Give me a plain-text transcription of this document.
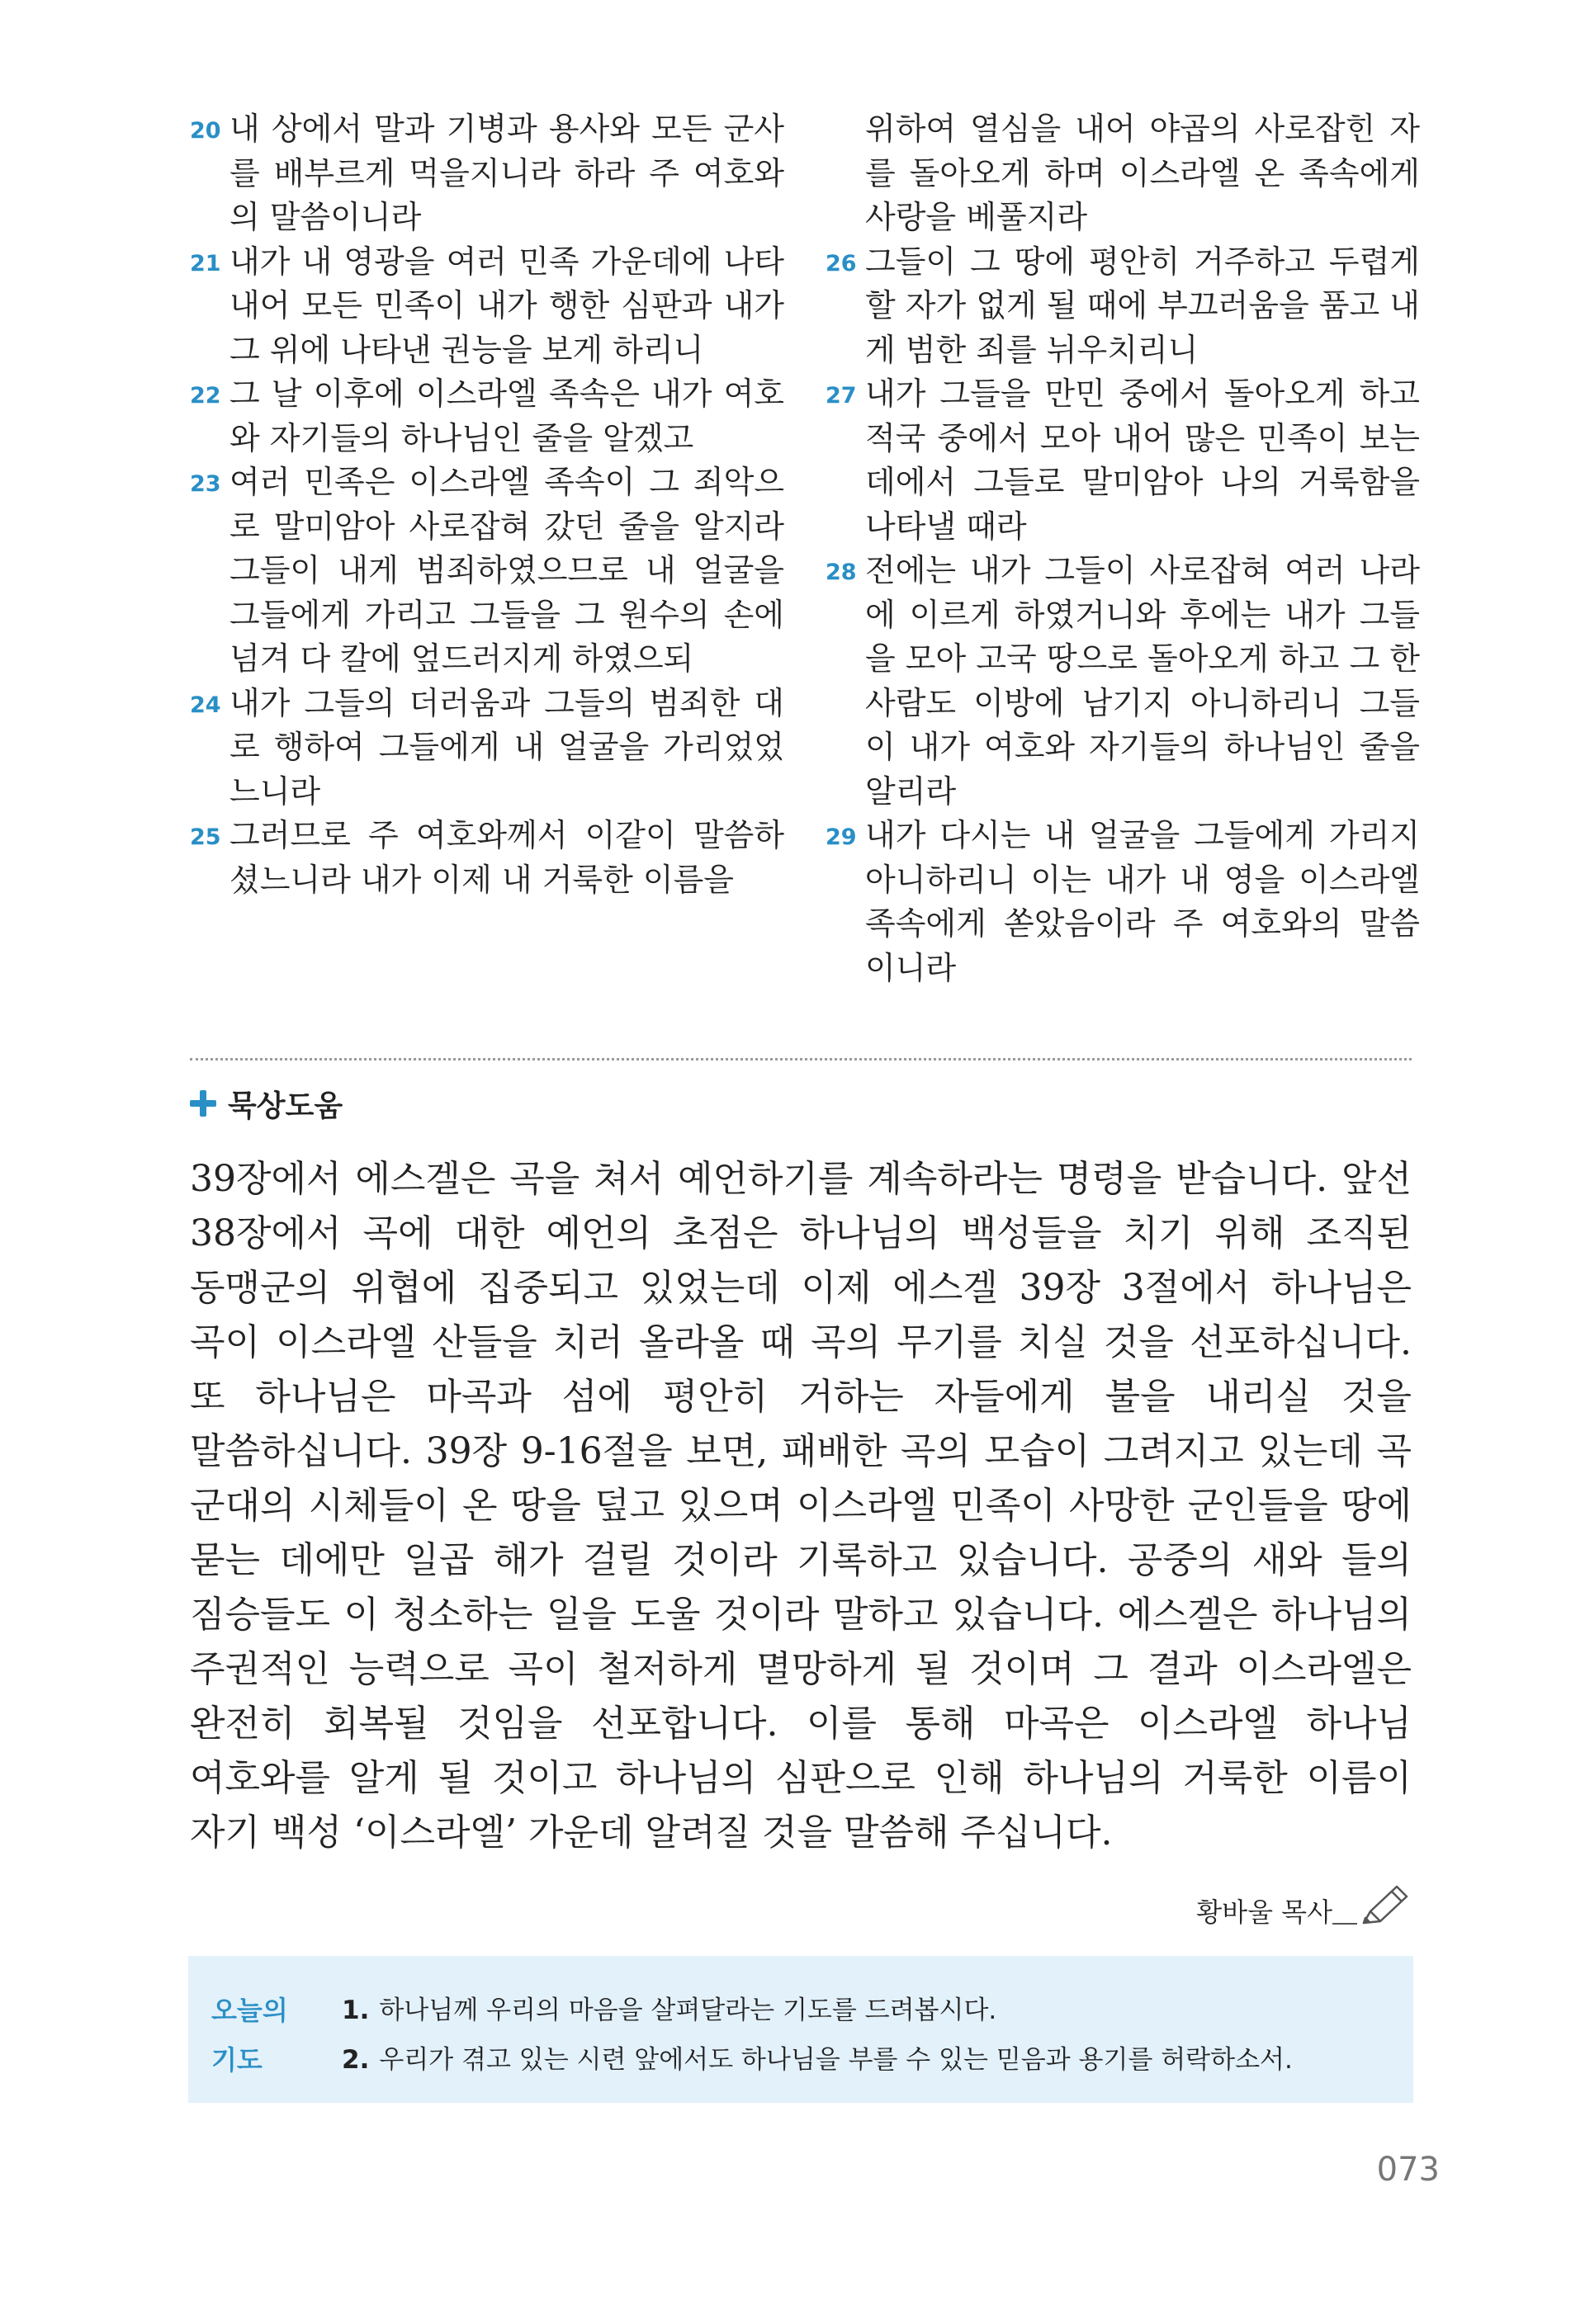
20 내 상에서 말과 기병과 용사와 모든 군사를 배부르게 먹을지니라 하라 주 여호와의 말씀이니라
21 내가 내 영광을 여러 민족 가운데에 나타내어 모든 민족이 내가 행한 심판과 내가 그 위에 나타낸 권능을 보게 하리니
22 그 날 이후에 이스라엘 족속은 내가 여호와 자기들의 하나님인 줄을 알겠고
23 여러 민족은 이스라엘 족속이 그 죄악으로 말미암아 사로잡혀 갔던 줄을 알지라 그들이 내게 범죄하였으므로 내 얼굴을 그들에게 가리고 그들을 그 원수의 손에 넘겨 다 칼에 엎드러지게 하였으되
24 내가 그들의 더러움과 그들의 범죄한 대로 행하여 그들에게 내 얼굴을 가리었었느니라
25 그러므로 주 여호와께서 이같이 말씀하셨느니라 내가 이제 내 거룩한 이름을
위하여 열심을 내어 야곱의 사로잡힌 자를 돌아오게 하며 이스라엘 온 족속에게 사랑을 베풀지라
26 그들이 그 땅에 평안히 거주하고 두렵게 할 자가 없게 될 때에 부끄러움을 품고 내게 범한 죄를 뉘우치리니
27 내가 그들을 만민 중에서 돌아오게 하고 적국 중에서 모아 내어 많은 민족이 보는 데에서 그들로 말미암아 나의 거룩함을 나타낼 때라
28 전에는 내가 그들이 사로잡혀 여러 나라에 이르게 하였거니와 후에는 내가 그들을 모아 고국 땅으로 돌아오게 하고 그 한 사람도 이방에 남기지 아니하리니 그들이 내가 여호와 자기들의 하나님인 줄을 알리라
29 내가 다시는 내 얼굴을 그들에게 가리지 아니하리니 이는 내가 내 영을 이스라엘 족속에게 쏟았음이라 주 여호와의 말씀이니라
묵상도움

39장에서 에스겔은 곡을 쳐서 예언하기를 계속하라는 명령을 받습니다. 앞선 38장에서 곡에 대한 예언의 초점은 하나님의 백성들을 치기 위해 조직된 동맹군의 위협에 집중되고 있었는데 이제 에스겔 39장 3절에서 하나님은 곡이 이스라엘 산들을 치러 올라올 때 곡의 무기를 치실 것을 선포하십니다. 또 하나님은 마곡과 섬에 평안히 거하는 자들에게 불을 내리실 것을 말씀하십니다. 39장 9-16절을 보면, 패배한 곡의 모습이 그려지고 있는데 곡 군대의 시체들이 온 땅을 덮고 있으며 이스라엘 민족이 사망한 군인들을 땅에 묻는 데에만 일곱 해가 걸릴 것이라 기록하고 있습니다. 공중의 새와 들의 짐승들도 이 청소하는 일을 도울 것이라 말하고 있습니다. 에스겔은 하나님의 주권적인 능력으로 곡이 철저하게 멸망하게 될 것이며 그 결과 이스라엘은 완전히 회복될 것임을 선포합니다. 이를 통해 마곡은 이스라엘 하나님 여호와를 알게 될 것이고 하나님의 심판으로 인해 하나님의 거룩한 이름이 자기 백성 ‘이스라엘’ 가운데 알려질 것을 말씀해 주십니다.

황바울 목사
오늘의
기도
1. 하나님께 우리의 마음을 살펴달라는 기도를 드려봅시다.
2. 우리가 겪고 있는 시련 앞에서도 하나님을 부를 수 있는 믿음과 용기를 허락하소서.
073
